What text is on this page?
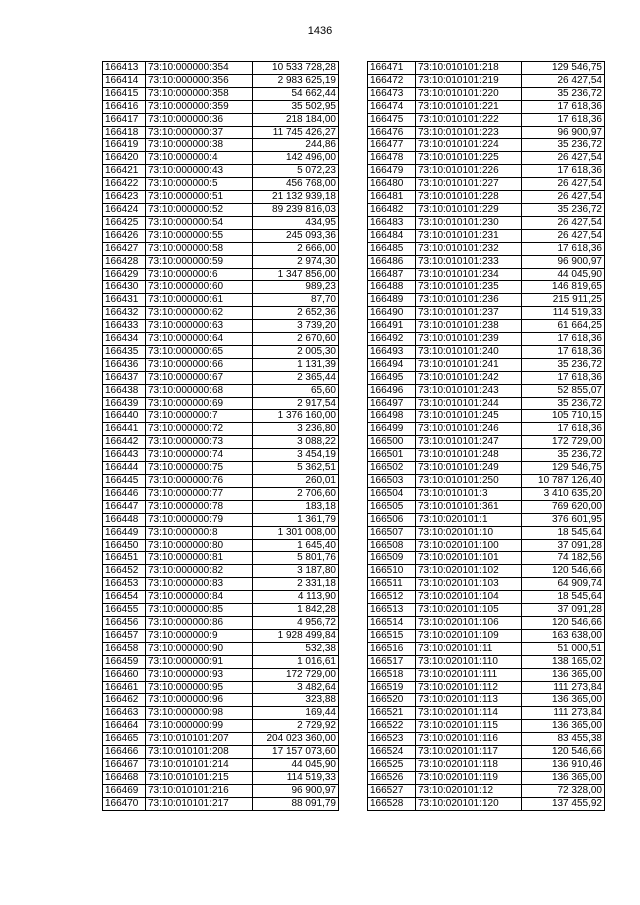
1436
166413	73:10:000000:354	10 533 728,28
166414	73:10:000000:356	2 983 625,19
166415	73:10:000000:358	54 662,44
166416	73:10:000000:359	35 502,95
166417	73:10:000000:36	218 184,00
166418	73:10:000000:37	11 745 426,27
166419	73:10:000000:38	244,86
166420	73:10:000000:4	142 496,00
166421	73:10:000000:43	5 072,23
166422	73:10:000000:5	456 768,00
166423	73:10:000000:51	21 132 939,18
166424	73:10:000000:52	89 239 816,03
166425	73:10:000000:54	434,95
166426	73:10:000000:55	245 093,36
166427	73:10:000000:58	2 666,00
166428	73:10:000000:59	2 974,30
166429	73:10:000000:6	1 347 856,00
166430	73:10:000000:60	989,23
166431	73:10:000000:61	87,70
166432	73:10:000000:62	2 652,36
166433	73:10:000000:63	3 739,20
166434	73:10:000000:64	2 670,60
166435	73:10:000000:65	2 005,30
166436	73:10:000000:66	1 131,39
166437	73:10:000000:67	2 365,44
166438	73:10:000000:68	65,60
166439	73:10:000000:69	2 917,54
166440	73:10:000000:7	1 376 160,00
166441	73:10:000000:72	3 236,80
166442	73:10:000000:73	3 088,22
166443	73:10:000000:74	3 454,19
166444	73:10:000000:75	5 362,51
166445	73:10:000000:76	260,01
166446	73:10:000000:77	2 706,60
166447	73:10:000000:78	183,18
166448	73:10:000000:79	1 361,79
166449	73:10:000000:8	1 301 008,00
166450	73:10:000000:80	1 645,40
166451	73:10:000000:81	5 801,76
166452	73:10:000000:82	3 187,80
166453	73:10:000000:83	2 331,18
166454	73:10:000000:84	4 113,90
166455	73:10:000000:85	1 842,28
166456	73:10:000000:86	4 956,72
166457	73:10:000000:9	1 928 499,84
166458	73:10:000000:90	532,38
166459	73:10:000000:91	1 016,61
166460	73:10:000000:93	172 729,00
166461	73:10:000000:95	3 482,64
166462	73:10:000000:96	323,88
166463	73:10:000000:98	169,44
166464	73:10:000000:99	2 729,92
166465	73:10:010101:207	204 023 360,00
166466	73:10:010101:208	17 157 073,60
166467	73:10:010101:214	44 045,90
166468	73:10:010101:215	114 519,33
166469	73:10:010101:216	96 900,97
166470	73:10:010101:217	88 091,79
166471	73:10:010101:218	129 546,75
166472	73:10:010101:219	26 427,54
166473	73:10:010101:220	35 236,72
166474	73:10:010101:221	17 618,36
166475	73:10:010101:222	17 618,36
166476	73:10:010101:223	96 900,97
166477	73:10:010101:224	35 236,72
166478	73:10:010101:225	26 427,54
166479	73:10:010101:226	17 618,36
166480	73:10:010101:227	26 427,54
166481	73:10:010101:228	26 427,54
166482	73:10:010101:229	35 236,72
166483	73:10:010101:230	26 427,54
166484	73:10:010101:231	26 427,54
166485	73:10:010101:232	17 618,36
166486	73:10:010101:233	96 900,97
166487	73:10:010101:234	44 045,90
166488	73:10:010101:235	146 819,65
166489	73:10:010101:236	215 911,25
166490	73:10:010101:237	114 519,33
166491	73:10:010101:238	61 664,25
166492	73:10:010101:239	17 618,36
166493	73:10:010101:240	17 618,36
166494	73:10:010101:241	35 236,72
166495	73:10:010101:242	17 618,36
166496	73:10:010101:243	52 855,07
166497	73:10:010101:244	35 236,72
166498	73:10:010101:245	105 710,15
166499	73:10:010101:246	17 618,36
166500	73:10:010101:247	172 729,00
166501	73:10:010101:248	35 236,72
166502	73:10:010101:249	129 546,75
166503	73:10:010101:250	10 787 126,40
166504	73:10:010101:3	3 410 635,20
166505	73:10:010101:361	769 620,00
166506	73:10:020101:1	376 601,95
166507	73:10:020101:10	18 545,64
166508	73:10:020101:100	37 091,28
166509	73:10:020101:101	74 182,56
166510	73:10:020101:102	120 546,66
166511	73:10:020101:103	64 909,74
166512	73:10:020101:104	18 545,64
166513	73:10:020101:105	37 091,28
166514	73:10:020101:106	120 546,66
166515	73:10:020101:109	163 638,00
166516	73:10:020101:11	51 000,51
166517	73:10:020101:110	138 165,02
166518	73:10:020101:111	136 365,00
166519	73:10:020101:112	111 273,84
166520	73:10:020101:113	136 365,00
166521	73:10:020101:114	111 273,84
166522	73:10:020101:115	136 365,00
166523	73:10:020101:116	83 455,38
166524	73:10:020101:117	120 546,66
166525	73:10:020101:118	136 910,46
166526	73:10:020101:119	136 365,00
166527	73:10:020101:12	72 328,00
166528	73:10:020101:120	137 455,92
